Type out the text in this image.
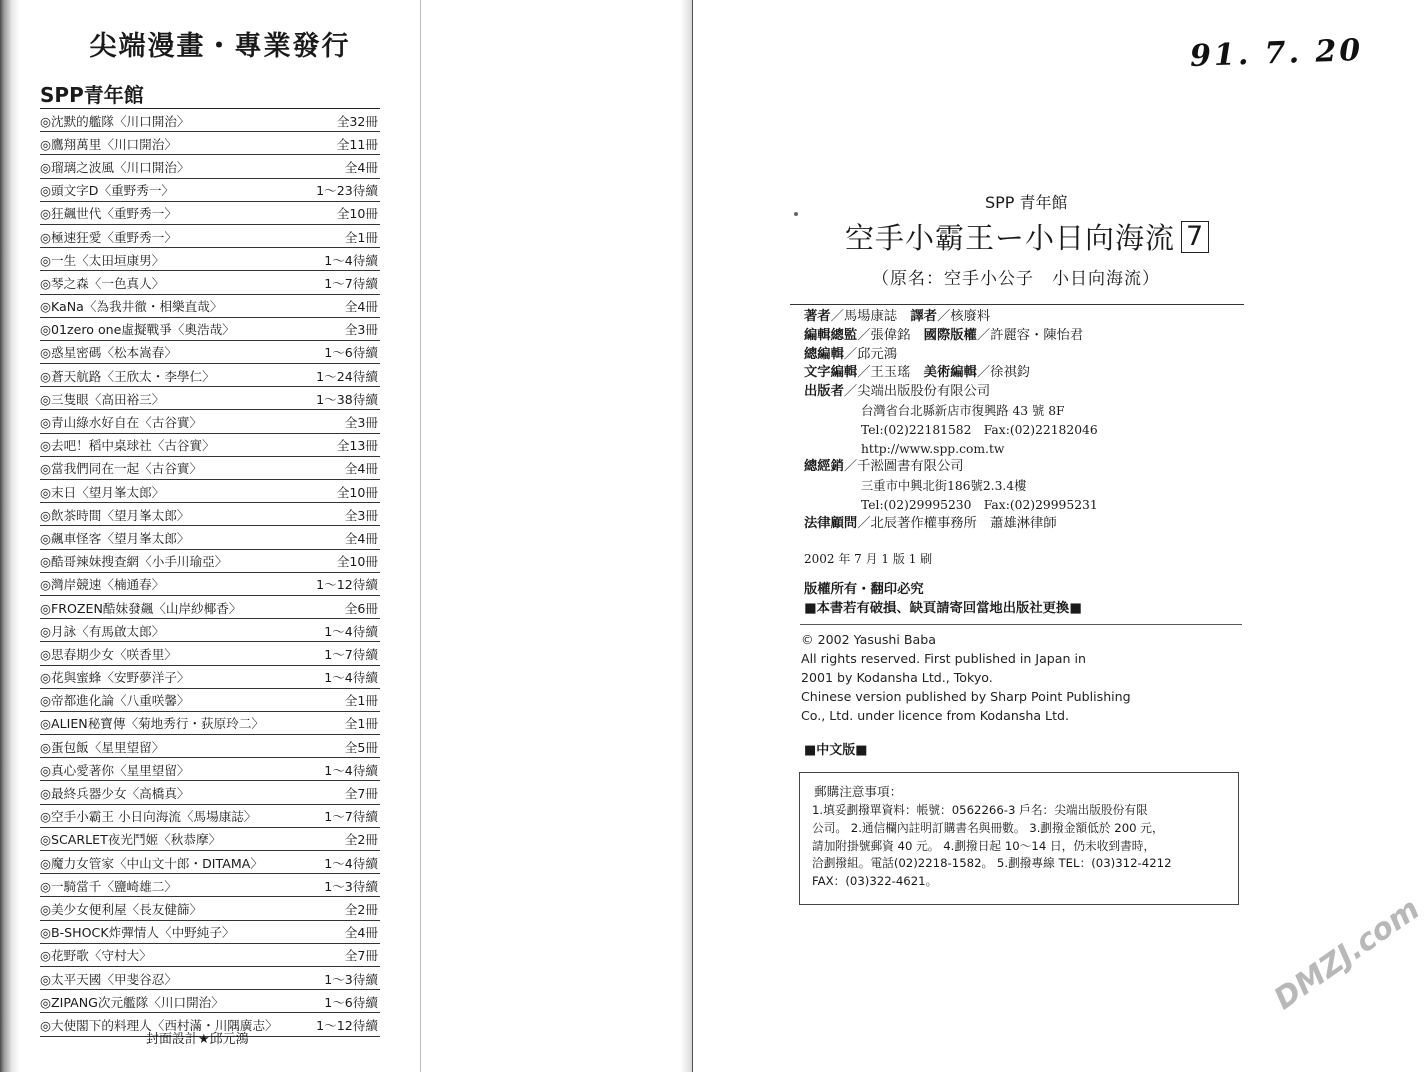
尖端漫畫・專業發行
SPP青年館
◎沈默的艦隊〈川口開治〉	全32冊
◎鷹翔萬里〈川口開治〉	全11冊
◎瑠璃之波風〈川口開治〉	全4冊
◎頭文字D〈重野秀一〉	1～23待續
◎狂飆世代〈重野秀一〉	全10冊
◎極速狂愛〈重野秀一〉	全1冊
◎一生〈太田垣康男〉	1～4待續
◎琴之森〈一色真人〉	1～7待續
◎KaNa〈為我井徹・相樂直哉〉	全4冊
◎01zero one虛擬戰爭〈奧浩哉〉	全3冊
◎惑星密碼〈松本嵩春〉	1～6待續
◎蒼天航路〈王欣太・李學仁〉	1～24待續
◎三隻眼〈高田裕三〉	1～38待續
◎青山綠水好自在〈古谷實〉	全3冊
◎去吧！稻中桌球社〈古谷實〉	全13冊
◎當我們同在一起〈古谷實〉	全4冊
◎末日〈望月峯太郎〉	全10冊
◎飲茶時間〈望月峯太郎〉	全3冊
◎飆車怪客〈望月峯太郎〉	全4冊
◎酷哥辣妹搜查網〈小手川瑜亞〉	全10冊
◎灣岸競速〈楠通春〉	1～12待續
◎FROZEN酷妹發飆〈山岸紗椰香〉	全6冊
◎月詠〈有馬啟太郎〉	1～4待續
◎思春期少女〈咲香里〉	1～7待續
◎花與蜜蜂〈安野夢洋子〉	1～4待續
◎帝都進化論〈八重咲馨〉	全1冊
◎ALIEN秘寶傳〈菊地秀行・荻原玲二〉	全1冊
◎蛋包飯〈星里望留〉	全5冊
◎真心愛著你〈星里望留〉	1～4待續
◎最終兵器少女〈高橋真〉	全7冊
◎空手小霸王 小日向海流〈馬場康誌〉	1～7待續
◎SCARLET夜光鬥姬〈秋恭摩〉	全2冊
◎魔力女管家〈中山文十郎・DITAMA〉	1～4待續
◎一騎當千〈鹽崎雄二〉	1～3待續
◎美少女便利屋〈長友健篩〉	全2冊
◎B-SHOCK炸彈情人〈中野純子〉	全4冊
◎花野歌〈守村大〉	全7冊
◎太平天國〈甲斐谷忍〉	1～3待續
◎ZIPANG次元艦隊〈川口開治〉	1～6待續
◎大使閣下的料理人〈西村滿・川隅廣志〉	1～12待續
封面設計★邱元鴻
91. 7. 20
SPP 青年館
空手小霸王ー小日向海流 7
（原名：空手小公子　小日向海流）
著者／馬場康誌　譯者／核廢料
編輯總監／張偉銘　國際版權／許麗容・陳怡君
總編輯／邱元鴻
文字編輯／王玉瑤　美術編輯／徐祺鈞
出版者／尖端出版股份有限公司
台灣省台北縣新店市復興路 43 號 8F
Tel:(02)22181582　Fax:(02)22182046
http://www.spp.com.tw
總經銷／千淞圖書有限公司
三重市中興北街186號2.3.4樓
Tel:(02)29995230　Fax:(02)29995231
法律顧問／北辰著作權事務所　蕭雄淋律師
2002 年 7 月 1 版 1 刷
版權所有・翻印必究
■本書若有破損、缺頁請寄回當地出版社更換■
© 2002 Yasushi Baba
All rights reserved. First published in Japan in
2001 by Kodansha Ltd., Tokyo.
Chinese version published by Sharp Point Publishing
Co., Ltd. under licence from Kodansha Ltd.
■中文版■
郵購注意事項：
1.填妥劃撥單資料：帳號：0562266-3 戶名：尖端出版股份有限
公司。 2.通信欄內註明訂購書名與冊數。 3.劃撥金額低於 200 元，
請加附掛號郵資 40 元。 4.劃撥日起 10～14 日，仍未收到書時，
洽劃撥組。電話(02)2218-1582。 5.劃撥專線 TEL：(03)312-4212
FAX：(03)322-4621。
DMZJ.com
